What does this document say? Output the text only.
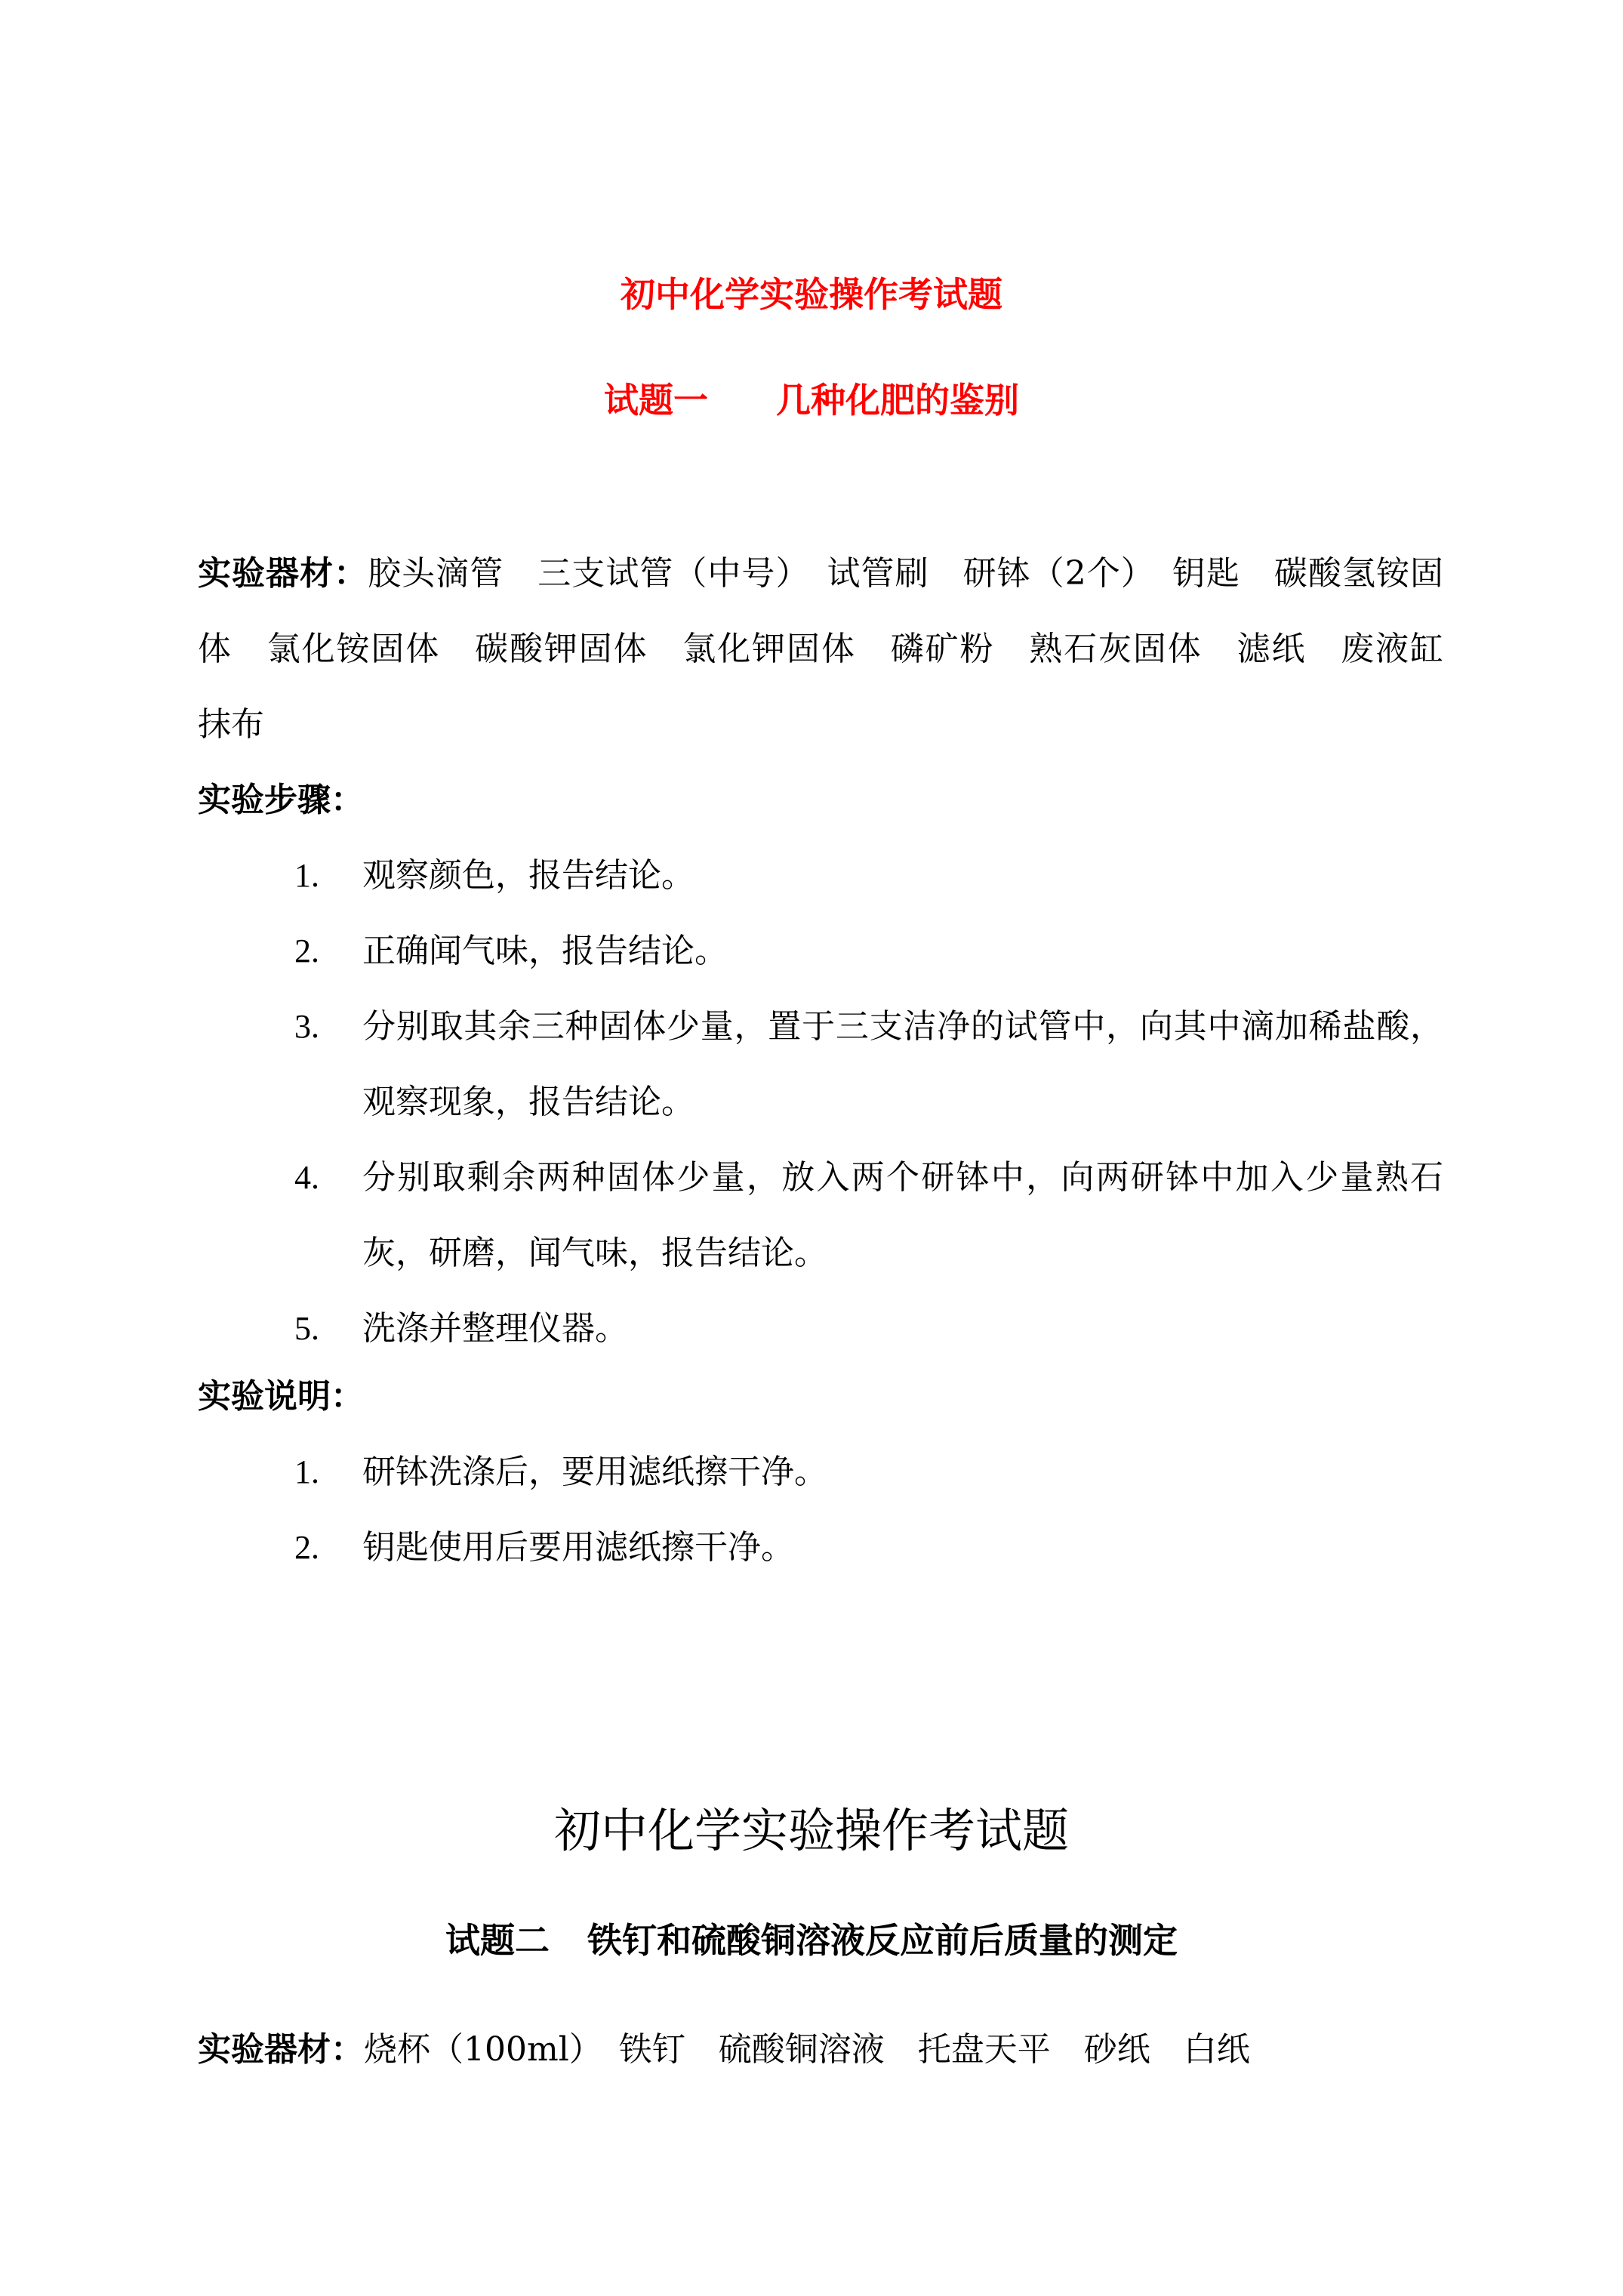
初中化学实验操作考试题
试题一 几种化肥的鉴别
实验器材：胶头滴管　三支试管（中号）　试管刷　研钵（2个）　钥匙　碳酸氢铵固体　氯化铵固体　碳酸钾固体　氯化钾固体　磷矿粉　熟石灰固体　滤纸　废液缸　抹布
实验步骤：
1. 观察颜色，报告结论。
2. 正确闻气味，报告结论。
3. 分别取其余三种固体少量，置于三支洁净的试管中，向其中滴加稀盐酸，观察现象，报告结论。
4. 分别取剩余两种固体少量，放入两个研钵中，向两研钵中加入少量熟石灰，研磨，闻气味，报告结论。
5. 洗涤并整理仪器。
实验说明：
1. 研钵洗涤后，要用滤纸擦干净。
2. 钥匙使用后要用滤纸擦干净。
初中化学实验操作考试题
试题二 铁钉和硫酸铜溶液反应前后质量的测定
实验器材：烧杯（100ml）　铁钉　硫酸铜溶液　托盘天平　砂纸　白纸
